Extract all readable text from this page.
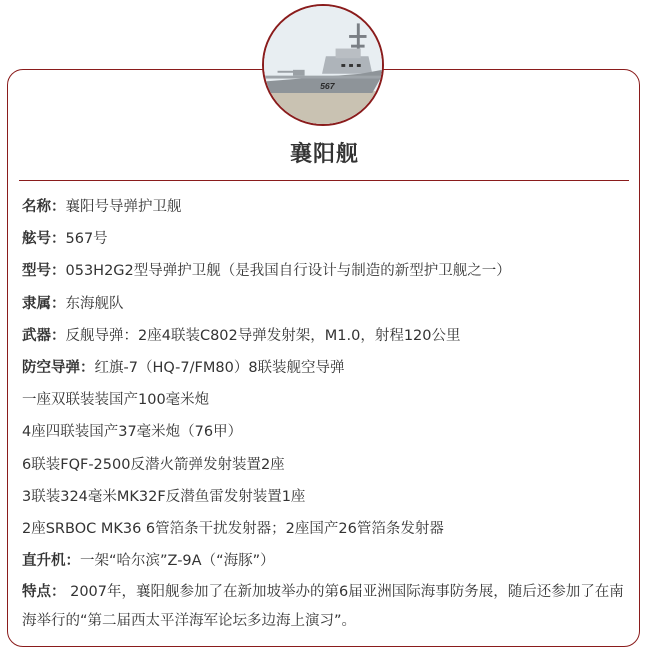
567
襄阳舰
名称：襄阳号导弹护卫舰
舷号：567号
型号：053H2G2型导弹护卫舰（是我国自行设计与制造的新型护卫舰之一）
隶属：东海舰队
武器：反舰导弹：2座4联装C802导弹发射架，M1.0，射程120公里
防空导弹：红旗-7（HQ-7/FM80）8联装舰空导弹
一座双联装装国产100毫米炮
4座四联装国产37毫米炮（76甲）
6联装FQF-2500反潜火箭弹发射装置2座
3联装324毫米MK32F反潜鱼雷发射装置1座
2座SRBOC MK36 6管箔条干扰发射器；2座国产26管箔条发射器
直升机：一架“哈尔滨”Z-9A（“海豚”）
特点： 2007年，襄阳舰参加了在新加坡举办的第6届亚洲国际海事防务展，随后还参加了在南海举行的“第二届西太平洋海军论坛多边海上演习”。
